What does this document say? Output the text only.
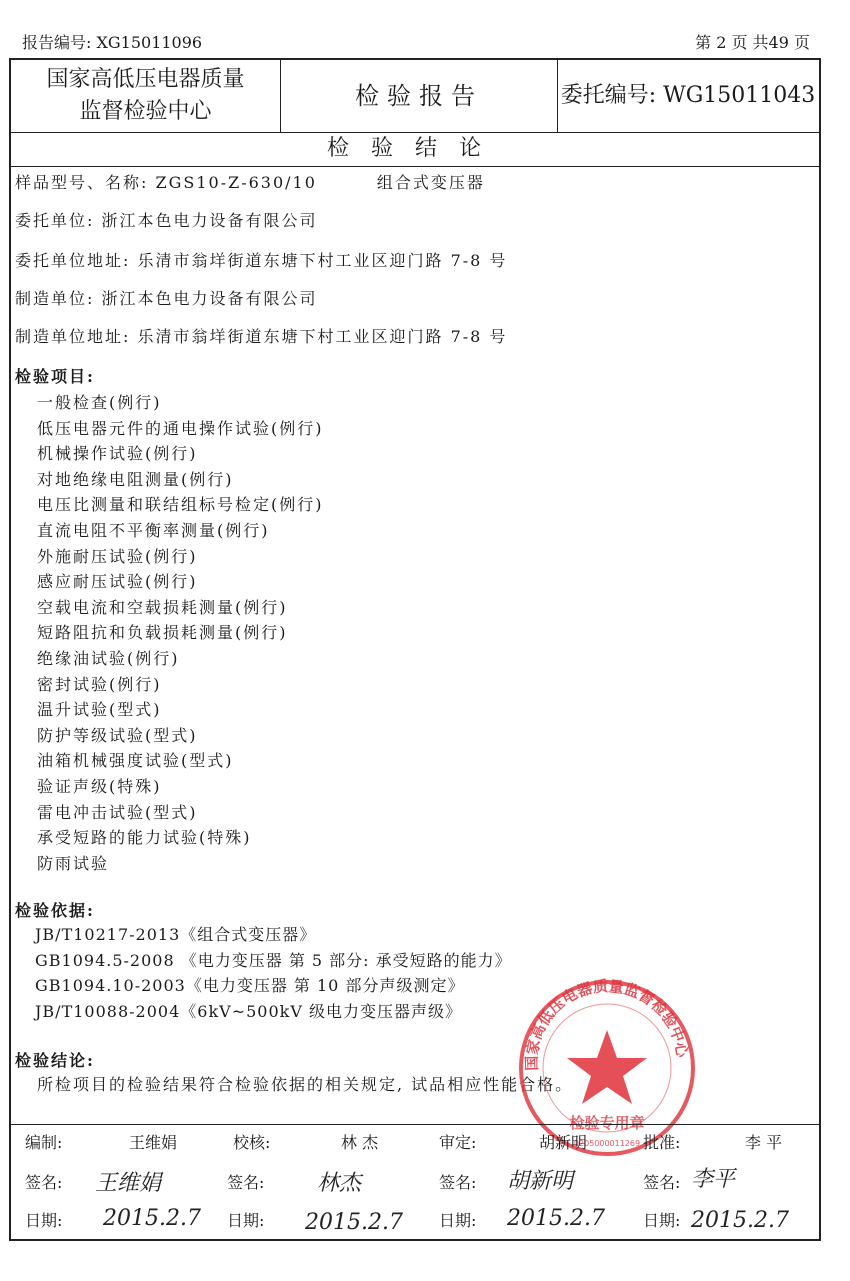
报告编号: XG15011096	第 2 页 共49 页
国家高低压电器质量
监督检验中心
检验报告	委托编号: WG15011043
检验结论
样品型号、名称: ZGS10-Z-630/10	组合式变压器
委托单位: 浙江本色电力设备有限公司
委托单位地址: 乐清市翁垟街道东塘下村工业区迎门路 7-8 号
制造单位: 浙江本色电力设备有限公司
制造单位地址: 乐清市翁垟街道东塘下村工业区迎门路 7-8 号
检验项目:
一般检查(例行)
低压电器元件的通电操作试验(例行)
机械操作试验(例行)
对地绝缘电阻测量(例行)
电压比测量和联结组标号检定(例行)
直流电阻不平衡率测量(例行)
外施耐压试验(例行)
感应耐压试验(例行)
空载电流和空载损耗测量(例行)
短路阻抗和负载损耗测量(例行)
绝缘油试验(例行)
密封试验(例行)
温升试验(型式)
防护等级试验(型式)
油箱机械强度试验(型式)
验证声级(特殊)
雷电冲击试验(型式)
承受短路的能力试验(特殊)
防雨试验
检验依据:
JB/T10217-2013《组合式变压器》
GB1094.5-2008 《电力变压器 第 5 部分: 承受短路的能力》
GB1094.10-2003《电力变压器 第 10 部分声级测定》
JB/T10088-2004《6kV~500kV 级电力变压器声级》
检验结论:
所检项目的检验结果符合检验依据的相关规定, 试品相应性能合格。
国家高低压电器质量监督检验中心
检验专用章
0205000011269
编制:	王维娟	校核:	林 杰	审定:	胡新明	批准:	李 平
签名: 王维娟	签名: 林杰	签名: 胡新明	签名: 李平
日期: 2015.2.7 日期: 2015.2.7 日期: 2015.2.7 日期: 2015.2.7
